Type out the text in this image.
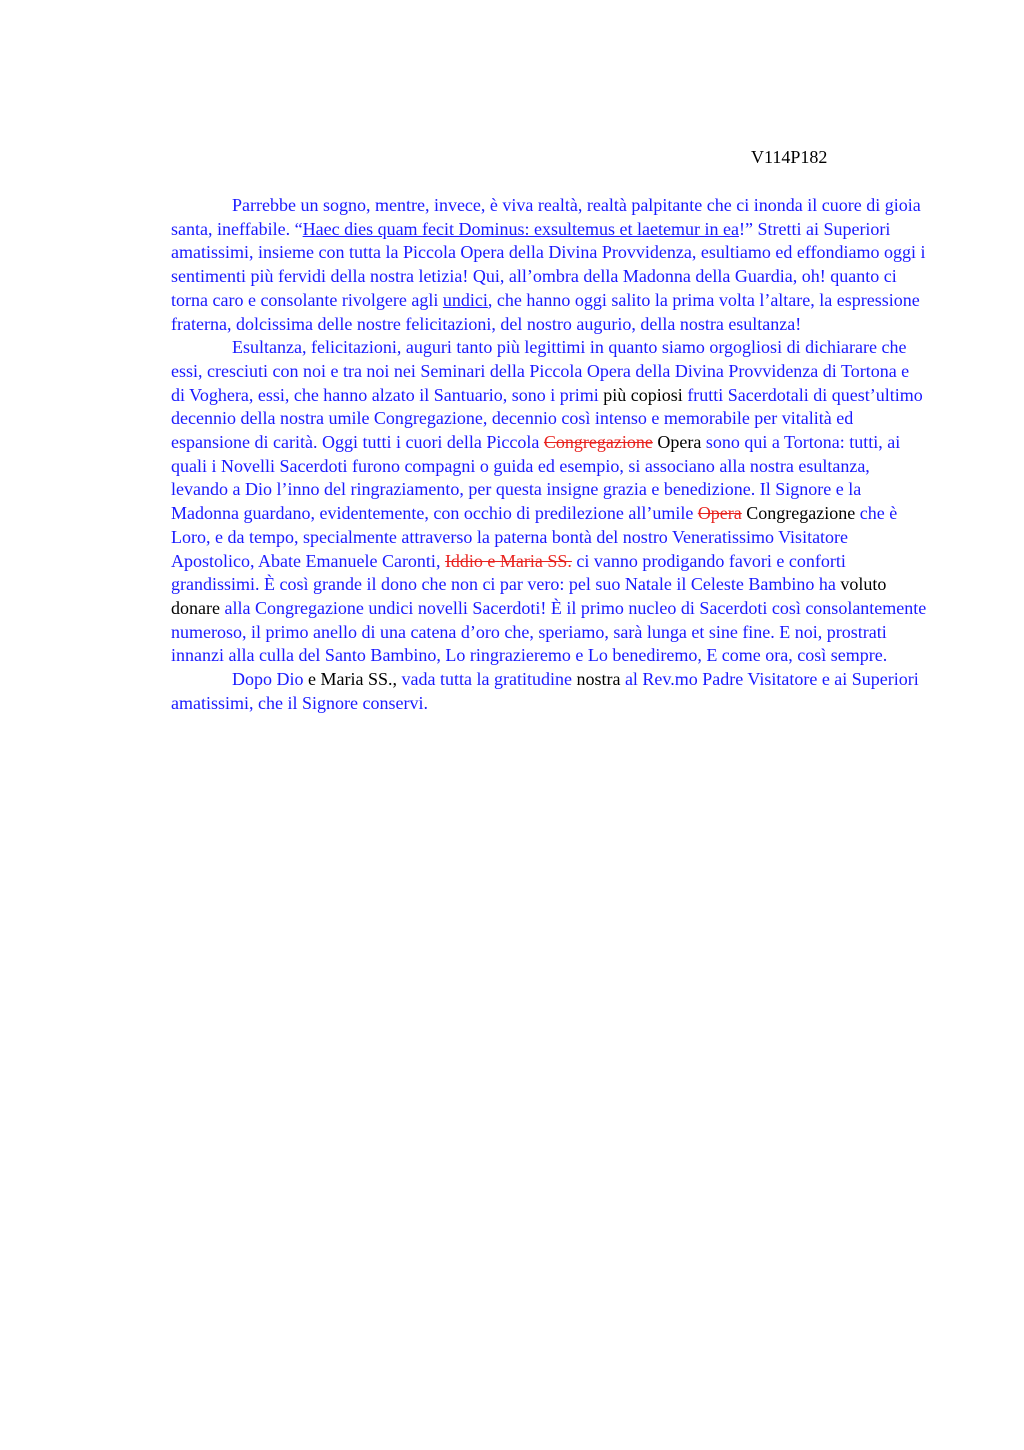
V114P182

Parrebbe un sogno, mentre, invece, è viva realtà, realtà palpitante che ci inonda il cuore di gioia santa, ineffabile. “Haec dies quam fecit Dominus: exsultemus et laetemur in ea!” Stretti ai Superiori amatissimi, insieme con tutta la Piccola Opera della Divina Provvidenza, esultiamo ed effondiamo oggi i sentimenti più fervidi della nostra letizia! Qui, all’ombra della Madonna della Guardia, oh! quanto ci torna caro e consolante rivolgere agli undici, che hanno oggi salito la prima volta l’altare, la espressione fraterna, dolcissima delle nostre felicitazioni, del nostro augurio, della nostra esultanza!

Esultanza, felicitazioni, auguri tanto più legittimi in quanto siamo orgogliosi di dichiarare che essi, cresciuti con noi e tra noi nei Seminari della Piccola Opera della Divina Provvidenza di Tortona e di Voghera, essi, che hanno alzato il Santuario, sono i primi più copiosi frutti Sacerdotali di quest’ultimo decennio della nostra umile Congregazione, decennio così intenso e memorabile per vitalità ed espansione di carità. Oggi tutti i cuori della Piccola Congregazione Opera sono qui a Tortona: tutti, ai quali i Novelli Sacerdoti furono compagni o guida ed esempio, si associano alla nostra esultanza, levando a Dio l’inno del ringraziamento, per questa insigne grazia e benedizione. Il Signore e la Madonna guardano, evidentemente, con occhio di predilezione all’umile Opera Congregazione che è Loro, e da tempo, specialmente attraverso la paterna bontà del nostro Veneratissimo Visitatore Apostolico, Abate Emanuele Caronti, Iddio e Maria SS. ci vanno prodigando favori e conforti grandissimi. È così grande il dono che non ci par vero: pel suo Natale il Celeste Bambino ha voluto donare alla Congregazione undici novelli Sacerdoti! È il primo nucleo di Sacerdoti così consolantemente numeroso, il primo anello di una catena d’oro che, speriamo, sarà lunga et sine fine. E noi, prostrati innanzi alla culla del Santo Bambino, Lo ringrazieremo e Lo benediremo, E come ora, così sempre.

Dopo Dio e Maria SS., vada tutta la gratitudine nostra al Rev.mo Padre Visitatore e ai Superiori amatissimi, che il Signore conservi.
